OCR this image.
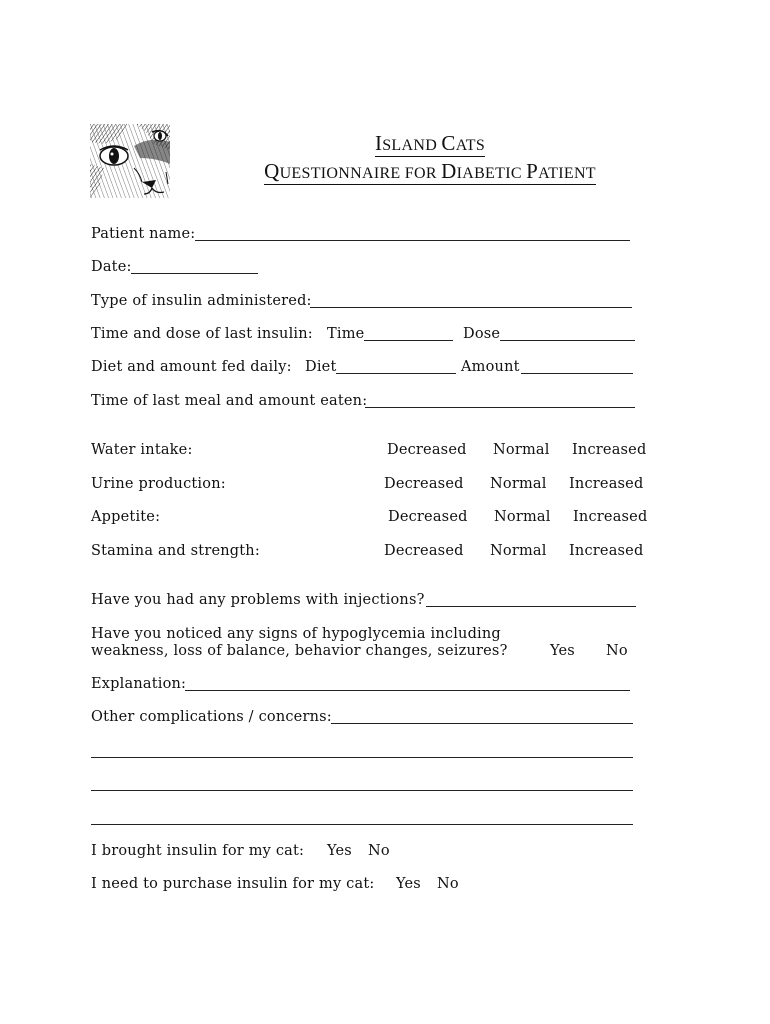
ISLAND CATS
QUESTIONNAIRE FOR DIABETIC PATIENT
Patient name:
Date:
Type of insulin administered:
Time and dose of last insulin: Time	Dose
Diet and amount fed daily: Diet	Amount
Time of last meal and amount eaten:
Water intake:	Decreased Normal Increased
Urine production:	Decreased Normal Increased
Appetite:	Decreased Normal Increased
Stamina and strength:	Decreased Normal Increased
Have you had any problems with injections?
Have you noticed any signs of hypoglycemia including
weakness, loss of balance, behavior changes, seizures?	Yes No
Explanation:
Other complications / concerns:
I brought insulin for my cat: Yes No
I need to purchase insulin for my cat: Yes No
